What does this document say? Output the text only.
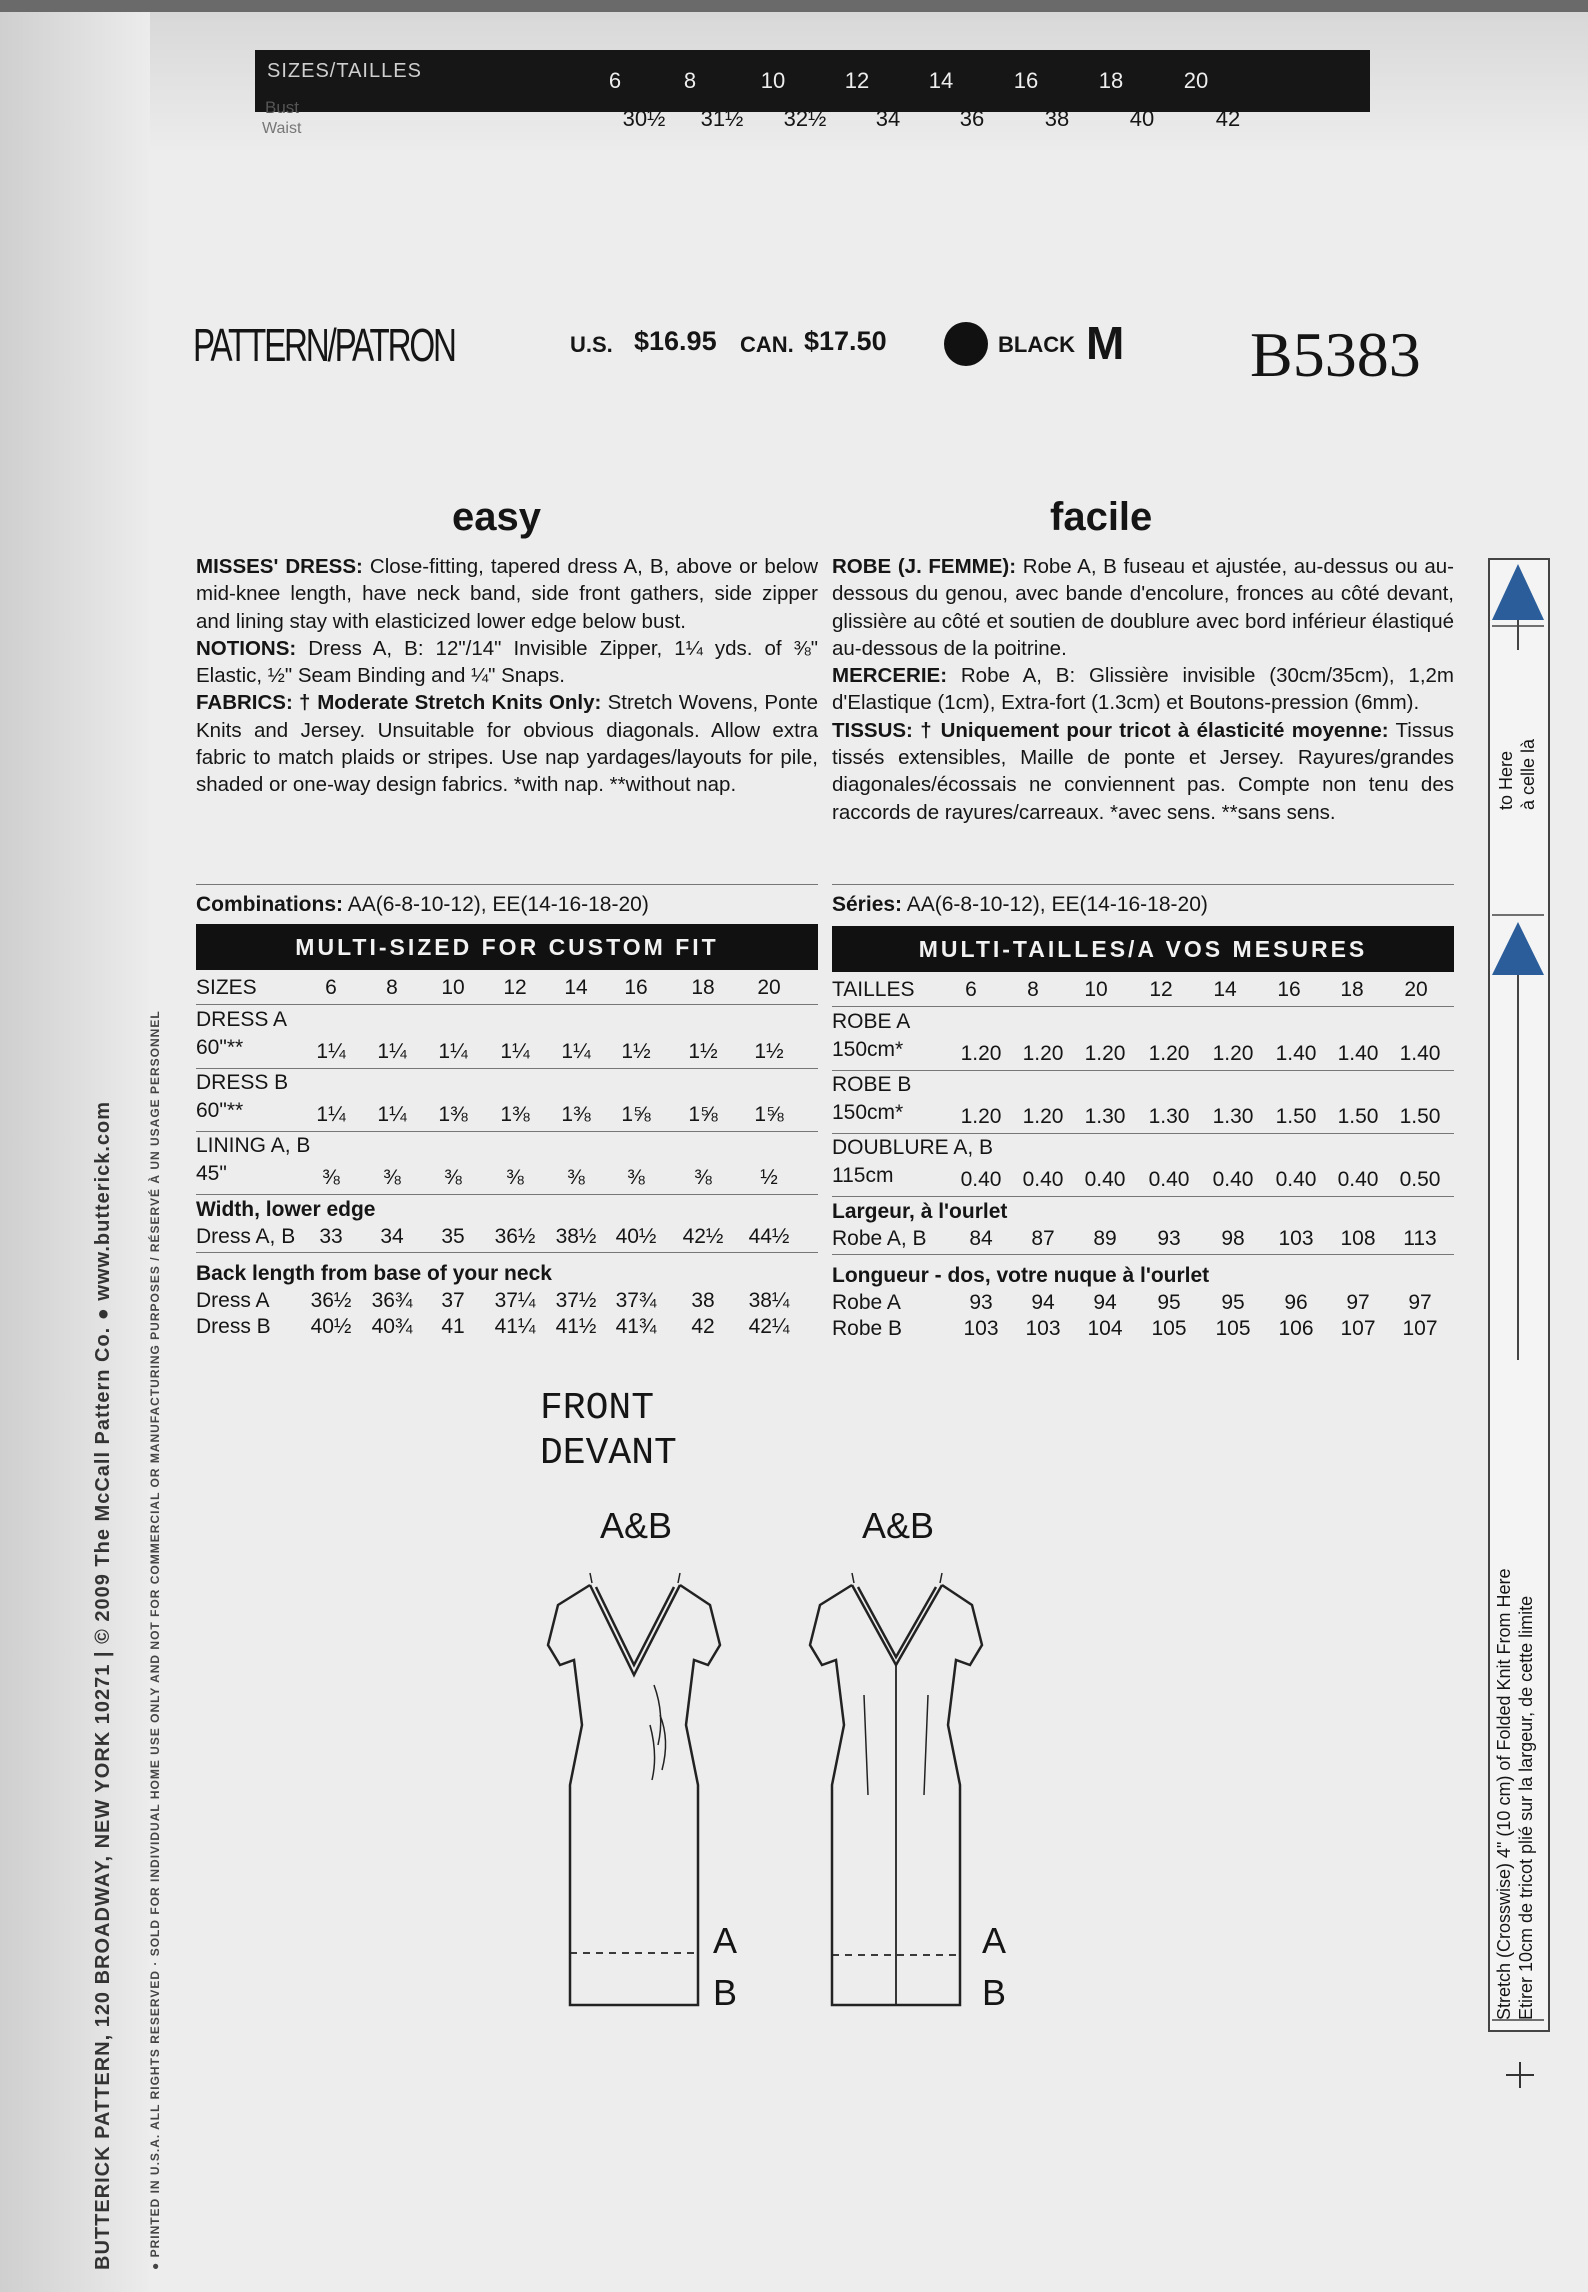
SIZES/TAILLES	6	8	10	12	14	16	18	20
Bust
Waist	30½	31½	32½	34	36	38	40	42
PATTERN/PATRON	U.S. $16.95 CAN. $17.50	BLACK M B5383
easy	facile

MISSES' DRESS: Close-fitting, tapered dress A, B, above or below mid-knee length, have neck band, side front gathers, side zipper and lining stay with elasticized lower edge below bust.

NOTIONS: Dress A, B: 12"/14" Invisible Zipper, 1¼ yds. of ⅜" Elastic, ½" Seam Binding and ¼" Snaps.

FABRICS: † Moderate Stretch Knits Only: Stretch Wovens, Ponte Knits and Jersey. Unsuitable for obvious diagonals. Allow extra fabric to match plaids or stripes. Use nap yardages/layouts for pile, shaded or one-way design fabrics. *with nap. **without nap.

ROBE (J. FEMME): Robe A, B fuseau et ajustée, au-dessus ou au-dessous du genou, avec bande d'encolure, fronces au côté devant, glissière au côté et soutien de doublure avec bord inférieur élastiqué au-dessous de la poitrine.

MERCERIE: Robe A, B: Glissière invisible (30cm/35cm), 1,2m d'Elastique (1cm), Extra-fort (1.3cm) et Boutons-pression (6mm).

TISSUS: † Uniquement pour tricot à élasticité moyenne: Tissus tissés extensibles, Maille de ponte et Jersey. Rayures/grandes diagonales/écossais ne conviennent pas. Compte non tenu des raccords de rayures/carreaux. *avec sens. **sans sens.

Combinations: AA(6-8-10-12), EE(14-16-18-20)	Séries: AA(6-8-10-12), EE(14-16-18-20)
MULTI-SIZED FOR CUSTOM FIT	MULTI-TAILLES/A VOS MESURES
SIZES	6	8	10	12	14	16	18	20
DRESS A
60"**	1¼	1¼	1¼	1¼	1¼	1½	1½	1½
DRESS B
60"**	1¼	1¼	1⅜	1⅜	1⅜	1⅝	1⅝	1⅝
LINING A, B
45"	⅜	⅜	⅜	⅜	⅜	⅜	⅜	½
Width, lower edge
Dress A, B	33	34	35	36½ 38½ 40½	42½	44½
Back length from base of your neck
Dress A	36½ 36¾	37	37¼ 37½ 37¾	38	38¼
Dress B	40½ 40¾	41	41¼ 41½ 41¾	42	42¼
TAILLES	6	8	10	12	14	16	18	20
ROBE A
150cm*	1.20	1.20	1.20	1.20	1.20	1.40	1.40	1.40
ROBE B
150cm*	1.20	1.20	1.30	1.30	1.30	1.50	1.50	1.50
DOUBLURE A, B
115cm	0.40	0.40	0.40	0.40	0.40	0.40	0.40	0.50
Largeur, à l'ourlet
Robe A, B	84	87	89	93	98	103	108	113
Longueur - dos, votre nuque à l'ourlet
Robe A	93	94	94	95	95	96	97	97
Robe B	103	103	104	105	105	106	107	107
FRONT
DEVANT
A&B	A&B
A
B
A
B
to Here à celle là
Stretch (Crosswise) 4" (10 cm) of Folded Knit From Here Etirer 10cm de tricot plié sur la largeur, de cette limite
BUTTERICK PATTERN, 120 BROADWAY, NEW YORK 10271 | © 2009 The McCall Pattern Co. ● www.butterick.com	● PRINTED IN U.S.A. ALL RIGHTS RESERVED · SOLD FOR INDIVIDUAL HOME USE ONLY AND NOT FOR COMMERCIAL OR MANUFACTURING PURPOSES / RÉSERVÉ À UN USAGE PERSONNEL
